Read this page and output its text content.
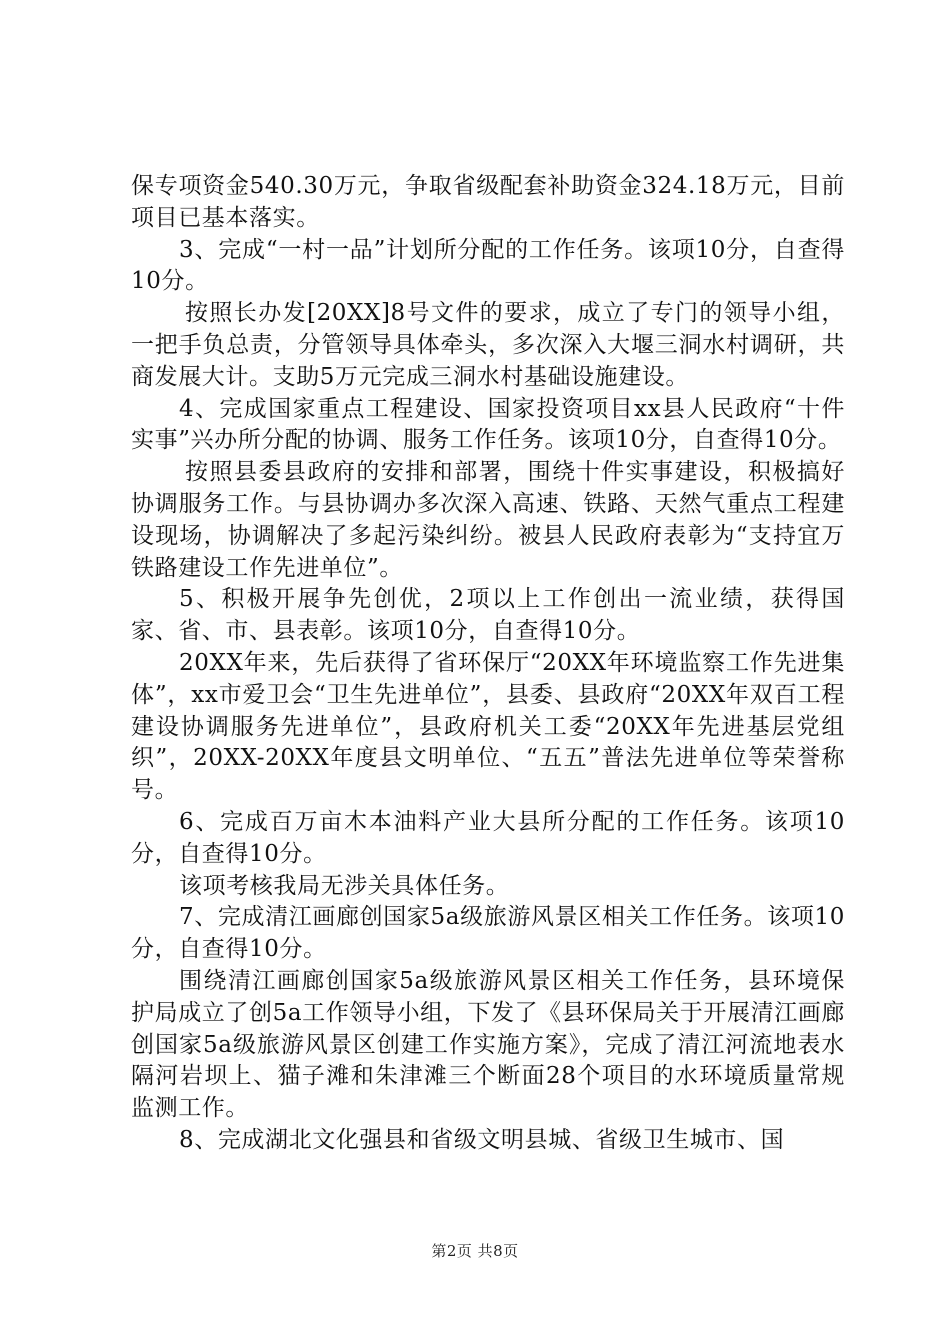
保专项资金540.30万元，争取省级配套补助资金324.18万元，目前项目已基本落实。

3、完成“一村一品”计划所分配的工作任务。该项10分，自查得10分。

按照长办发[20XX]8号文件的要求，成立了专门的领导小组，一把手负总责，分管领导具体牵头，多次深入大堰三洞水村调研，共商发展大计。支助5万元完成三洞水村基础设施建设。

4、完成国家重点工程建设、国家投资项目xx县人民政府“十件实事”兴办所分配的协调、服务工作任务。该项10分，自查得10分。

按照县委县政府的安排和部署，围绕十件实事建设，积极搞好协调服务工作。与县协调办多次深入高速、铁路、天然气重点工程建设现场，协调解决了多起污染纠纷。被县人民政府表彰为“支持宜万铁路建设工作先进单位”。

5、积极开展争先创优，2项以上工作创出一流业绩，获得国家、省、市、县表彰。该项10分，自查得10分。

20XX年来，先后获得了省环保厅“20XX年环境监察工作先进集体”，xx市爱卫会“卫生先进单位”，县委、县政府“20XX年双百工程建设协调服务先进单位”，县政府机关工委“20XX年先进基层党组织”，20XX-20XX年度县文明单位、“五五”普法先进单位等荣誉称号。

6、完成百万亩木本油料产业大县所分配的工作任务。该项10分，自查得10分。

该项考核我局无涉关具体任务。

7、完成清江画廊创国家5a级旅游风景区相关工作任务。该项10分，自查得10分。

围绕清江画廊创国家5a级旅游风景区相关工作任务，县环境保护局成立了创5a工作领导小组，下发了《县环保局关于开展清江画廊创国家5a级旅游风景区创建工作实施方案》，完成了清江河流地表水隔河岩坝上、猫子滩和朱津滩三个断面28个项目的水环境质量常规监测工作。

8、完成湖北文化强县和省级文明县城、省级卫生城市、国

第2页 共8页
